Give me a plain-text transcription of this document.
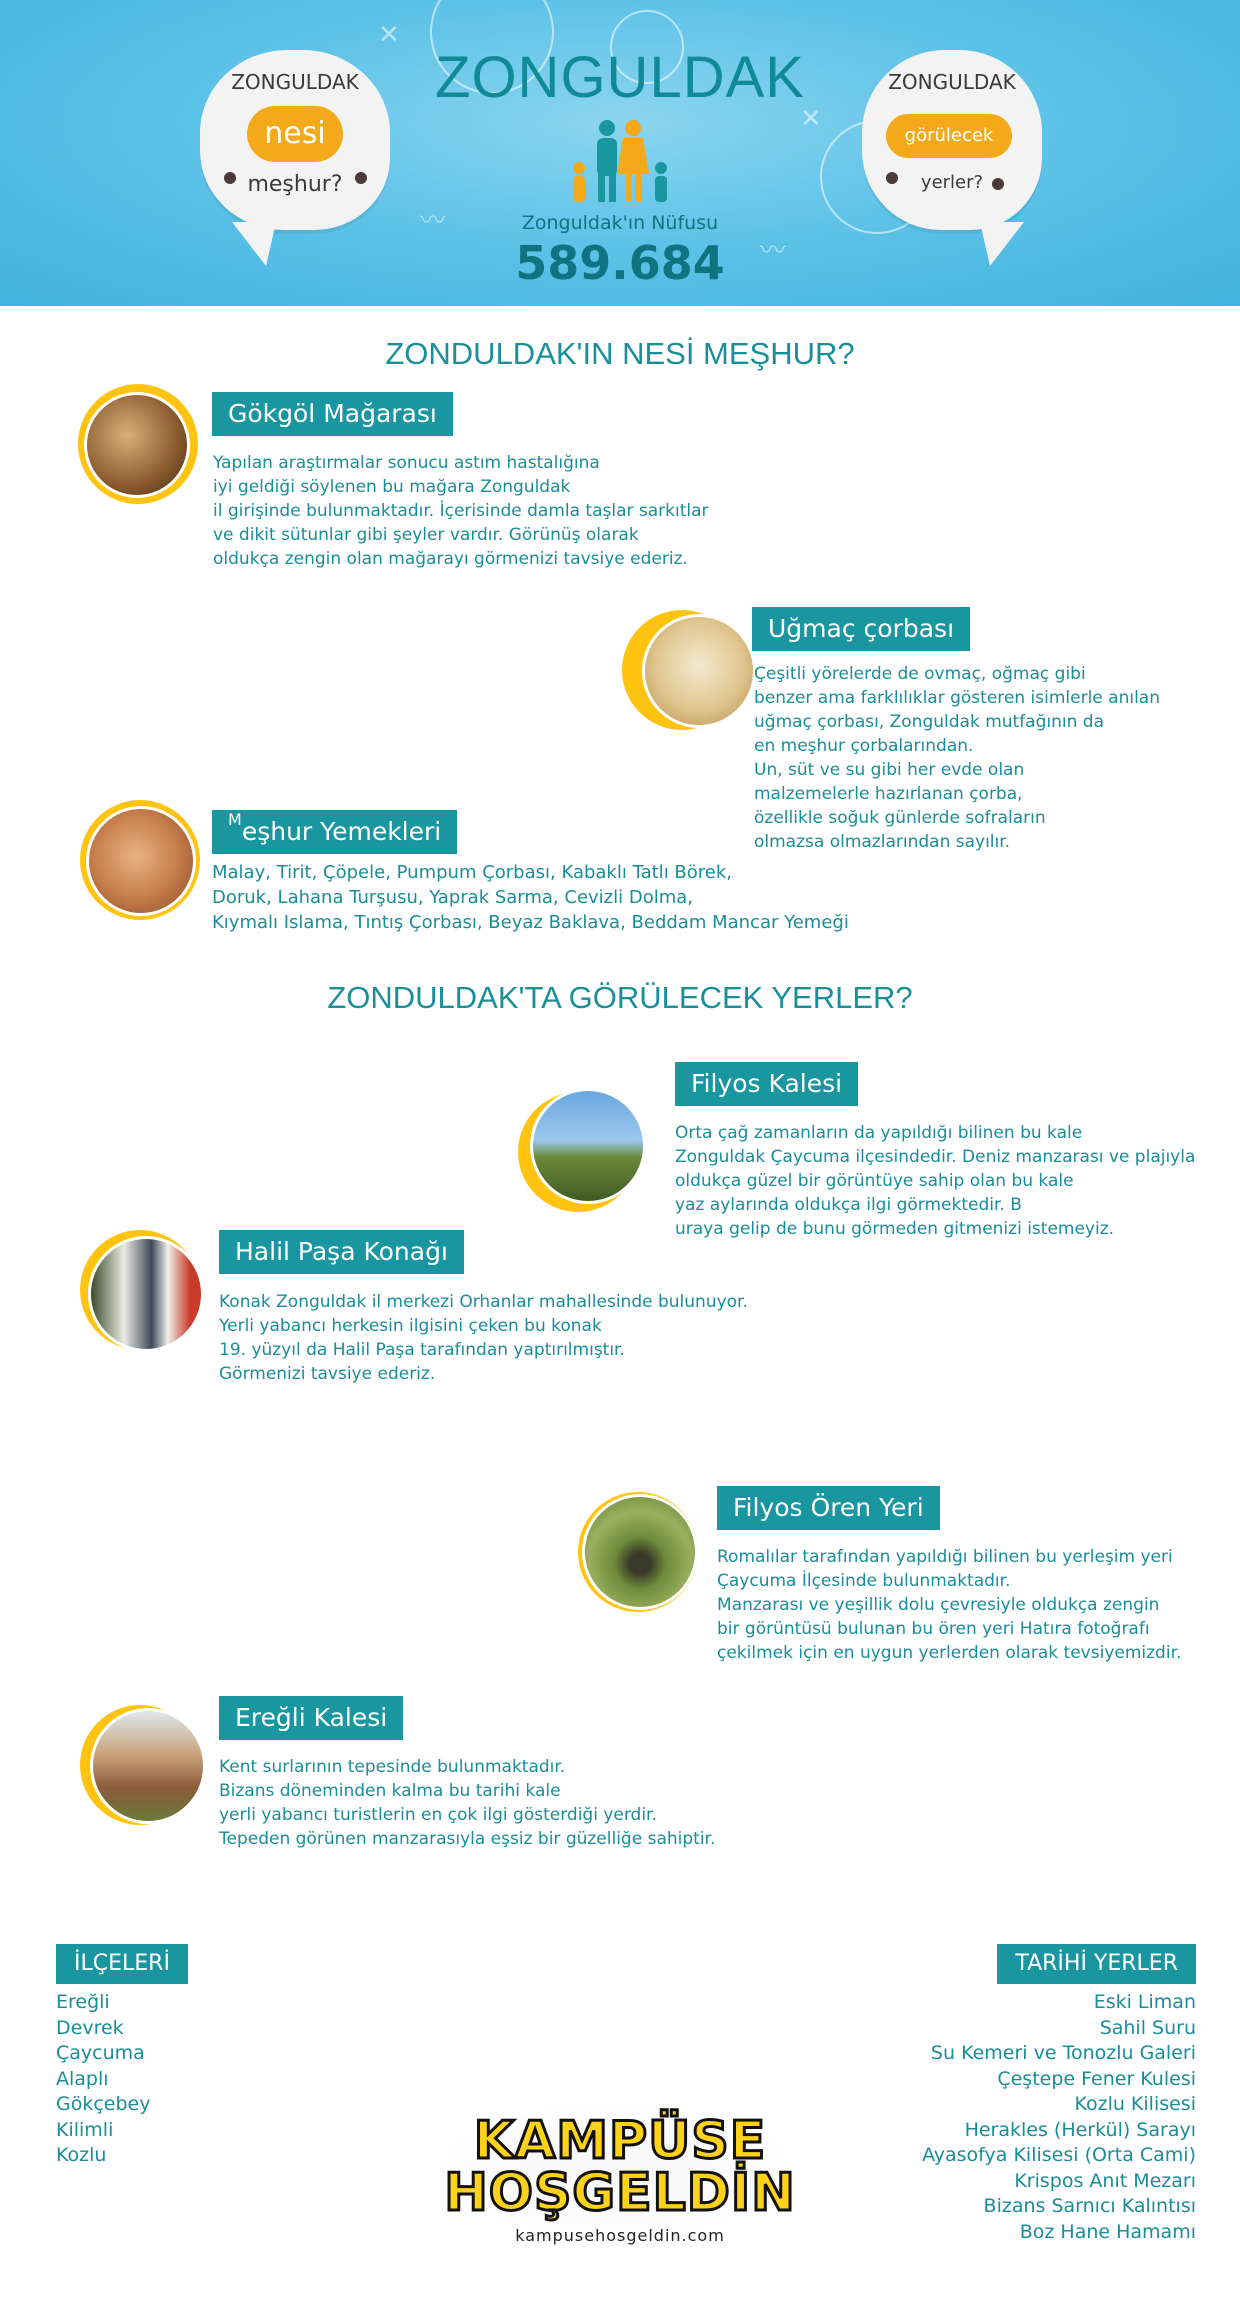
✕
✕
〰
〰
ZONGULDAK
nesi
meşhur?
ZONGULDAK
Zonguldak'ın Nüfusu
589.684
ZONGULDAK
görülecek
yerler?
ZONDULDAK'IN NESİ MEŞHUR?
Gökgöl Mağarası
Yapılan araştırmalar sonucu astım hastalığına
iyi geldiği söylenen bu mağara Zonguldak
il girişinde bulunmaktadır. İçerisinde damla taşlar sarkıtlar
ve dikit sütunlar gibi şeyler vardır. Görünüş olarak
oldukça zengin olan mağarayı görmenizi tavsiye ederiz.
Uğmaç çorbası
Çeşitli yörelerde de ovmaç, oğmaç gibi
benzer ama farklılıklar gösteren isimlerle anılan
uğmaç çorbası, Zonguldak mutfağının da
en meşhur çorbalarından.
Un, süt ve su gibi her evde olan
malzemelerle hazırlanan çorba,
özellikle soğuk günlerde sofraların
olmazsa olmazlarından sayılır.
$^M$eşhur Yemekleri
Malay, Tirit, Çöpele, Pumpum Çorbası, Kabaklı Tatlı Börek,
Doruk, Lahana Turşusu, Yaprak Sarma, Cevizli Dolma,
Kıymalı Islama, Tıntış Çorbası, Beyaz Baklava, Beddam Mancar Yemeği
ZONDULDAK'TA GÖRÜLECEK YERLER?
Filyos Kalesi
Orta çağ zamanların da yapıldığı bilinen bu kale
Zonguldak Çaycuma ilçesindedir. Deniz manzarası ve plajıyla
oldukça güzel bir görüntüye sahip olan bu kale
yaz aylarında oldukça ilgi görmektedir. B
uraya gelip de bunu görmeden gitmenizi istemeyiz.
Halil Paşa Konağı
Konak Zonguldak il merkezi Orhanlar mahallesinde bulunuyor.
Yerli yabancı herkesin ilgisini çeken bu konak
19. yüzyıl da Halil Paşa tarafından yaptırılmıştır.
Görmenizi tavsiye ederiz.
Filyos Ören Yeri
Romalılar tarafından yapıldığı bilinen bu yerleşim yeri
Çaycuma İlçesinde bulunmaktadır.
Manzarası ve yeşillik dolu çevresiyle oldukça zengin
bir görüntüsü bulunan bu ören yeri Hatıra fotoğrafı
çekilmek için en uygun yerlerden olarak tevsiyemizdir.
Ereğli Kalesi
Kent surlarının tepesinde bulunmaktadır.
Bizans döneminden kalma bu tarihi kale
yerli yabancı turistlerin en çok ilgi gösterdiği yerdir.
Tepeden görünen manzarasıyla eşsiz bir güzelliğe sahiptir.
İLÇELERİ
Ereğli
Devrek
Çaycuma
Alaplı
Gökçebey
Kilimli
Kozlu
TARİHİ YERLER
Eski Liman
Sahil Suru
Su Kemeri ve Tonozlu Galeri
Çeştepe Fener Kulesi
Kozlu Kilisesi
Herakles (Herkül) Sarayı
Ayasofya Kilisesi (Orta Cami)
Krispos Anıt Mezarı
Bizans Sarnıcı Kalıntısı
Boz Hane Hamamı
KAMPÜSE
HOŞGELDİN
kampusehosgeldin.com
